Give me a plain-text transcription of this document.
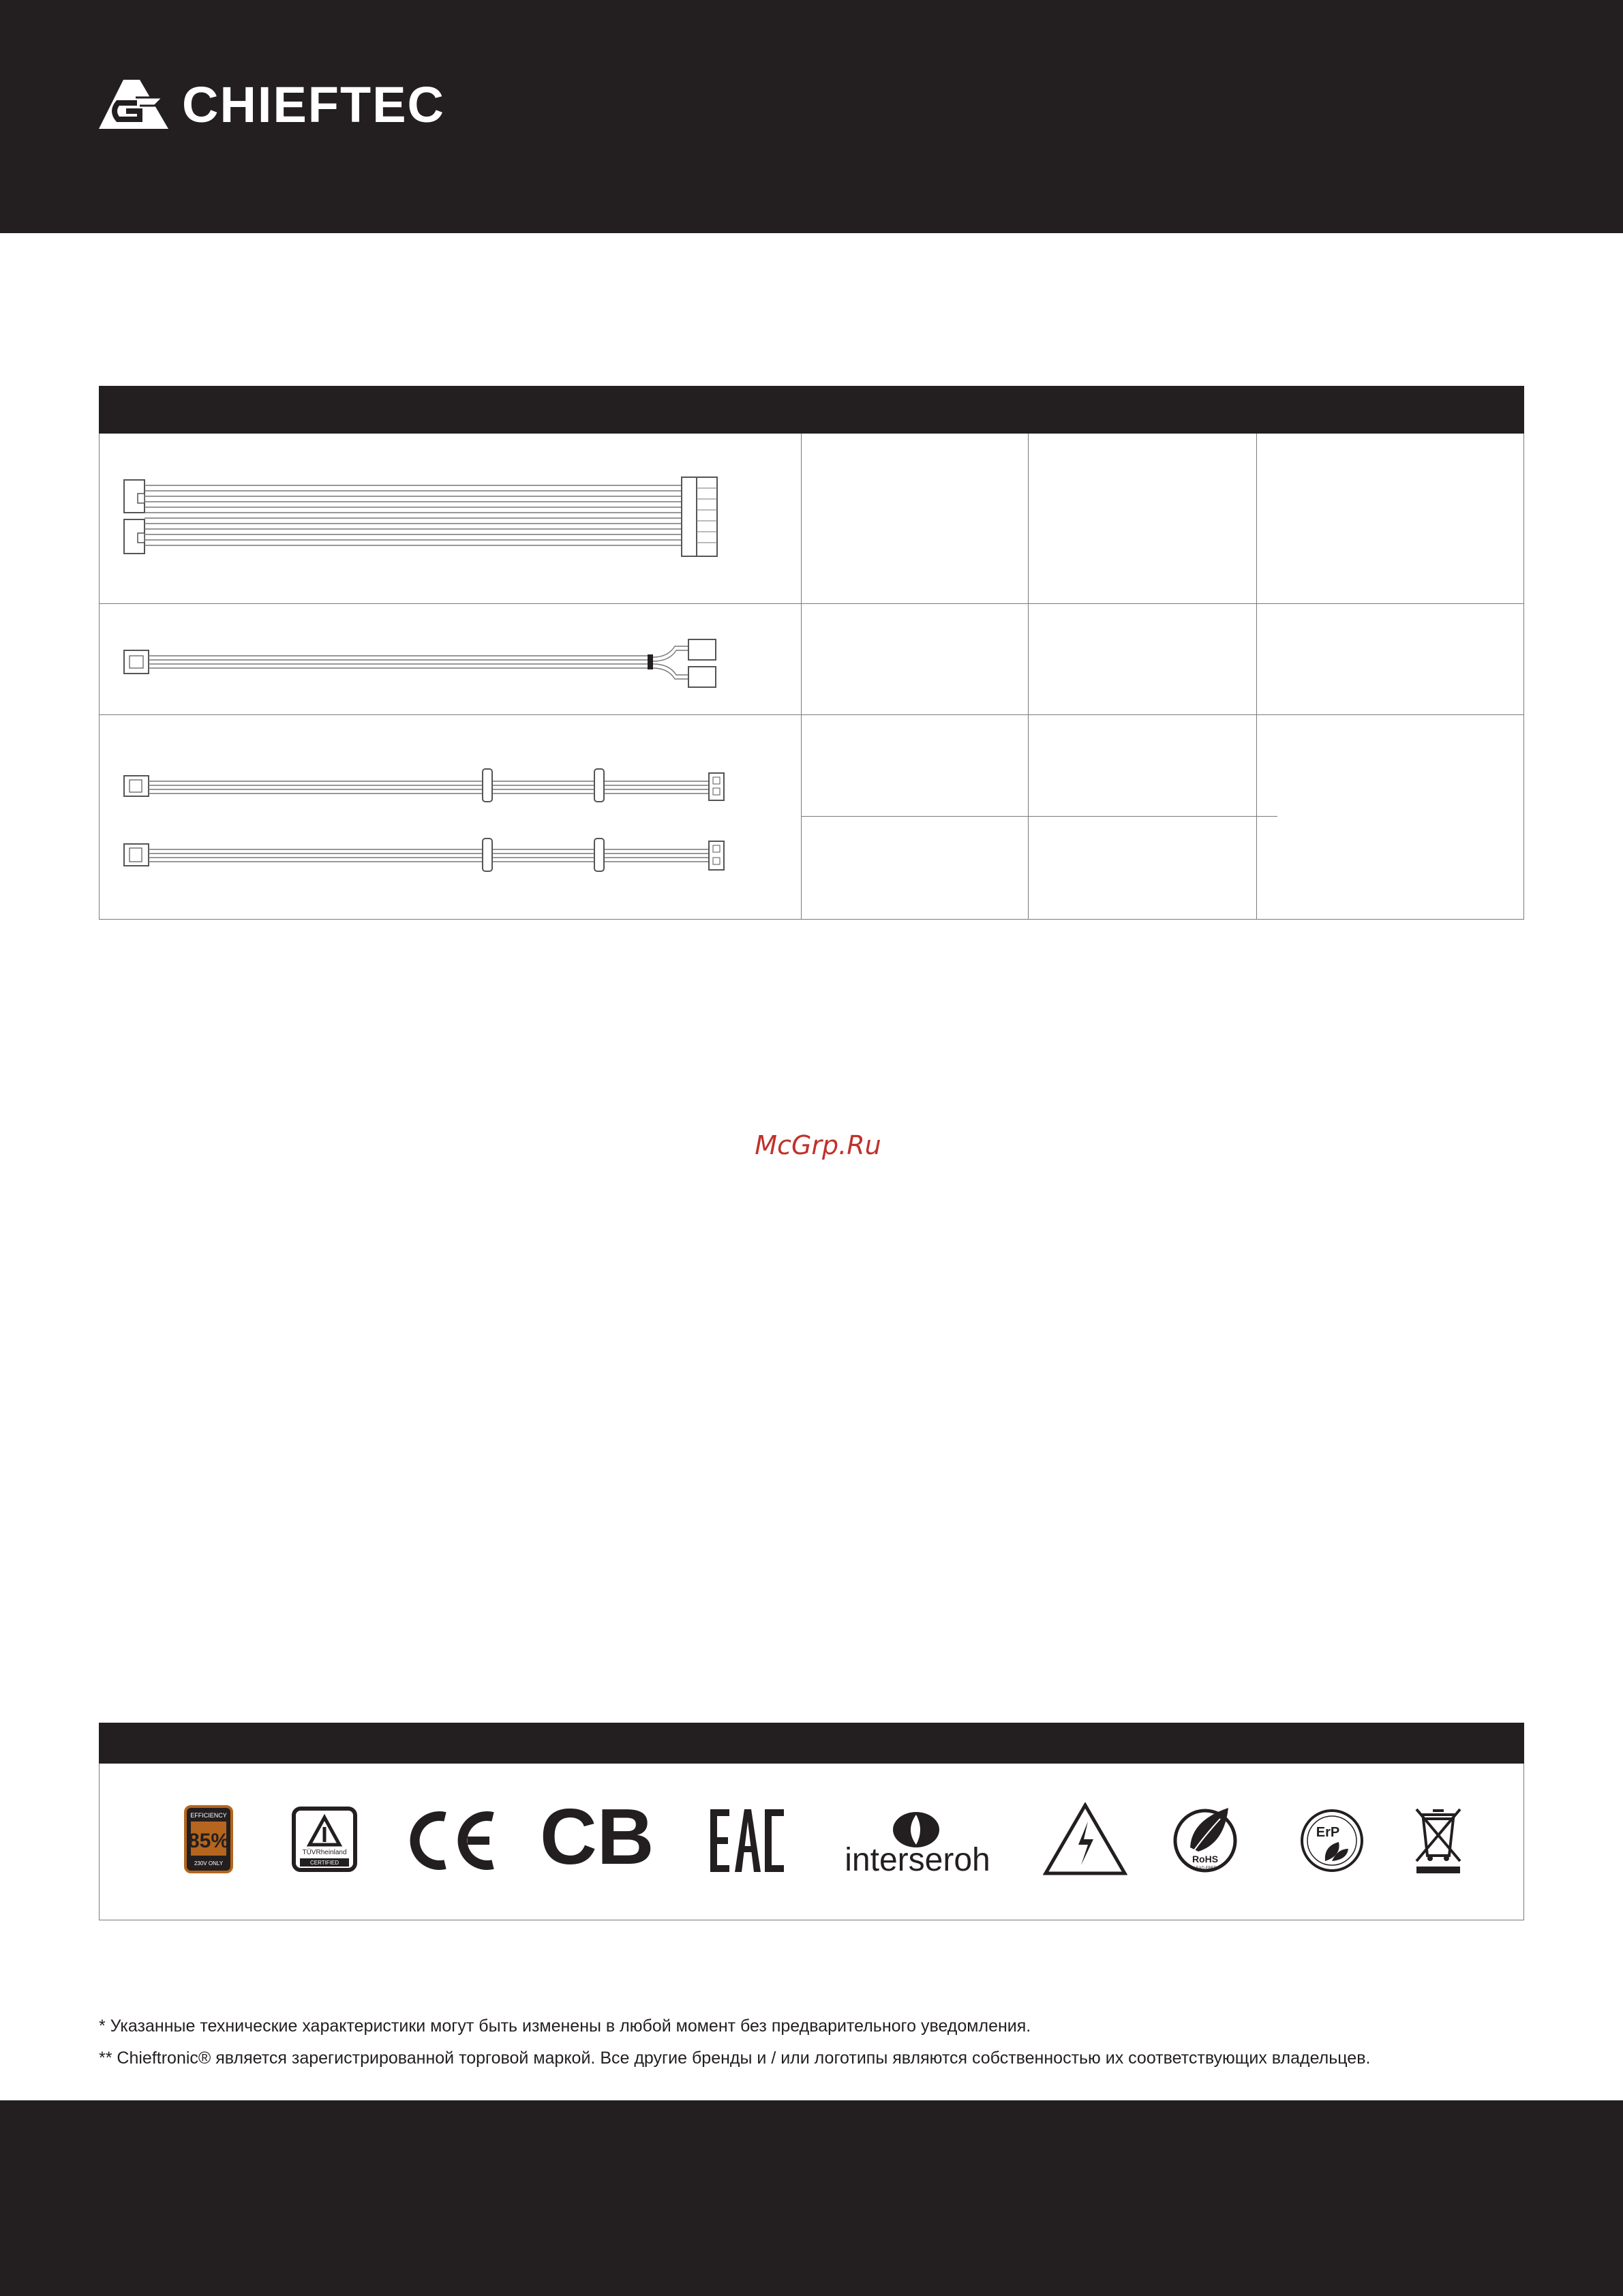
CHIEFTEC
McGrp.Ru
EFFICIENCY
85%
230V ONLY
TÜVRheinland
CERTIFIED	CB	interseroh	RoHS
LEAD FREE
ErP
* Указанные технические характеристики могут быть изменены в любой момент без предварительного уведомления.
** Chieftronic® является зарегистрированной торговой маркой. Все другие бренды и / или логотипы являются собственностью их соответствующих владельцев.
